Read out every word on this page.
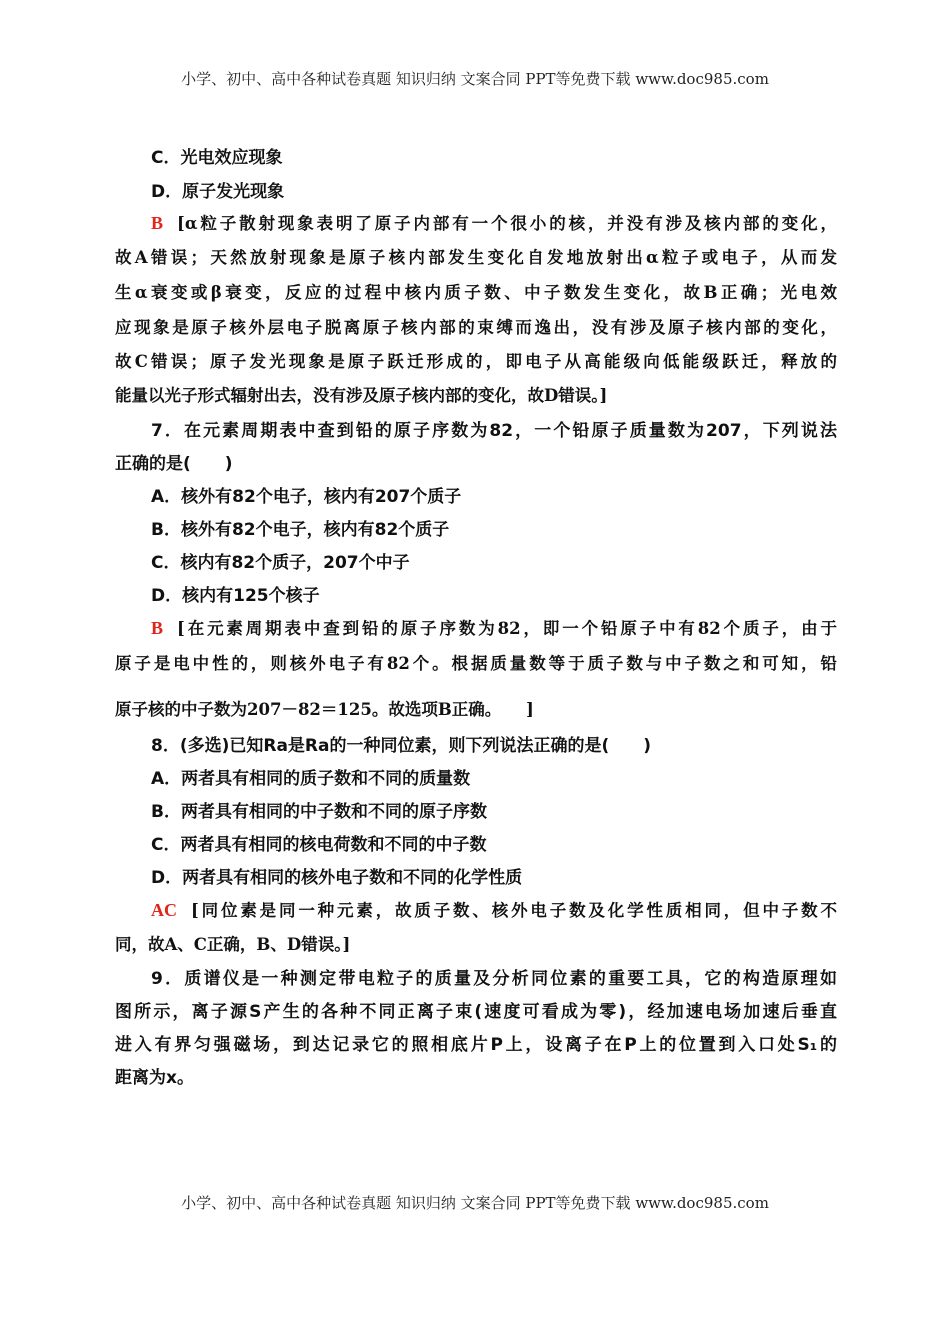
小学、初中、高中各种试卷真题 知识归纳 文案合同 PPT等免费下载 www.doc985.com
C．光电效应现象
D．原子发光现象
B [α粒子散射现象表明了原子内部有一个很小的核，并没有涉及核内部的变化，
故A错误；天然放射现象是原子核内部发生变化自发地放射出α粒子或电子，从而发
生α衰变或β衰变，反应的过程中核内质子数、中子数发生变化，故B正确；光电效
应现象是原子核外层电子脱离原子核内部的束缚而逸出，没有涉及原子核内部的变化，
故C错误；原子发光现象是原子跃迁形成的，即电子从高能级向低能级跃迁，释放的
能量以光子形式辐射出去，没有涉及原子核内部的变化，故D错误。]
7．在元素周期表中查到铅的原子序数为82，一个铅原子质量数为207，下列说法
正确的是(　　)
A．核外有82个电子，核内有207个质子
B．核外有82个电子，核内有82个质子
C．核内有82个质子，207个中子
D．核内有125个核子
B [在元素周期表中查到铅的原子序数为82，即一个铅原子中有82个质子，由于
原子是电中性的，则核外电子有82个。根据质量数等于质子数与中子数之和可知，铅
原子核的中子数为207－82＝125。故选项B正确。　　]
8．(多选)已知Ra是Ra的一种同位素，则下列说法正确的是(　　)
A．两者具有相同的质子数和不同的质量数
B．两者具有相同的中子数和不同的原子序数
C．两者具有相同的核电荷数和不同的中子数
D．两者具有相同的核外电子数和不同的化学性质
AC [同位素是同一种元素，故质子数、核外电子数及化学性质相同，但中子数不
同，故A、C正确，B、D错误。]
9．质谱仪是一种测定带电粒子的质量及分析同位素的重要工具，它的构造原理如
图所示，离子源S产生的各种不同正离子束(速度可看成为零)，经加速电场加速后垂直
进入有界匀强磁场，到达记录它的照相底片P上，设离子在P上的位置到入口处S₁的
距离为x。
小学、初中、高中各种试卷真题 知识归纳 文案合同 PPT等免费下载 www.doc985.com
